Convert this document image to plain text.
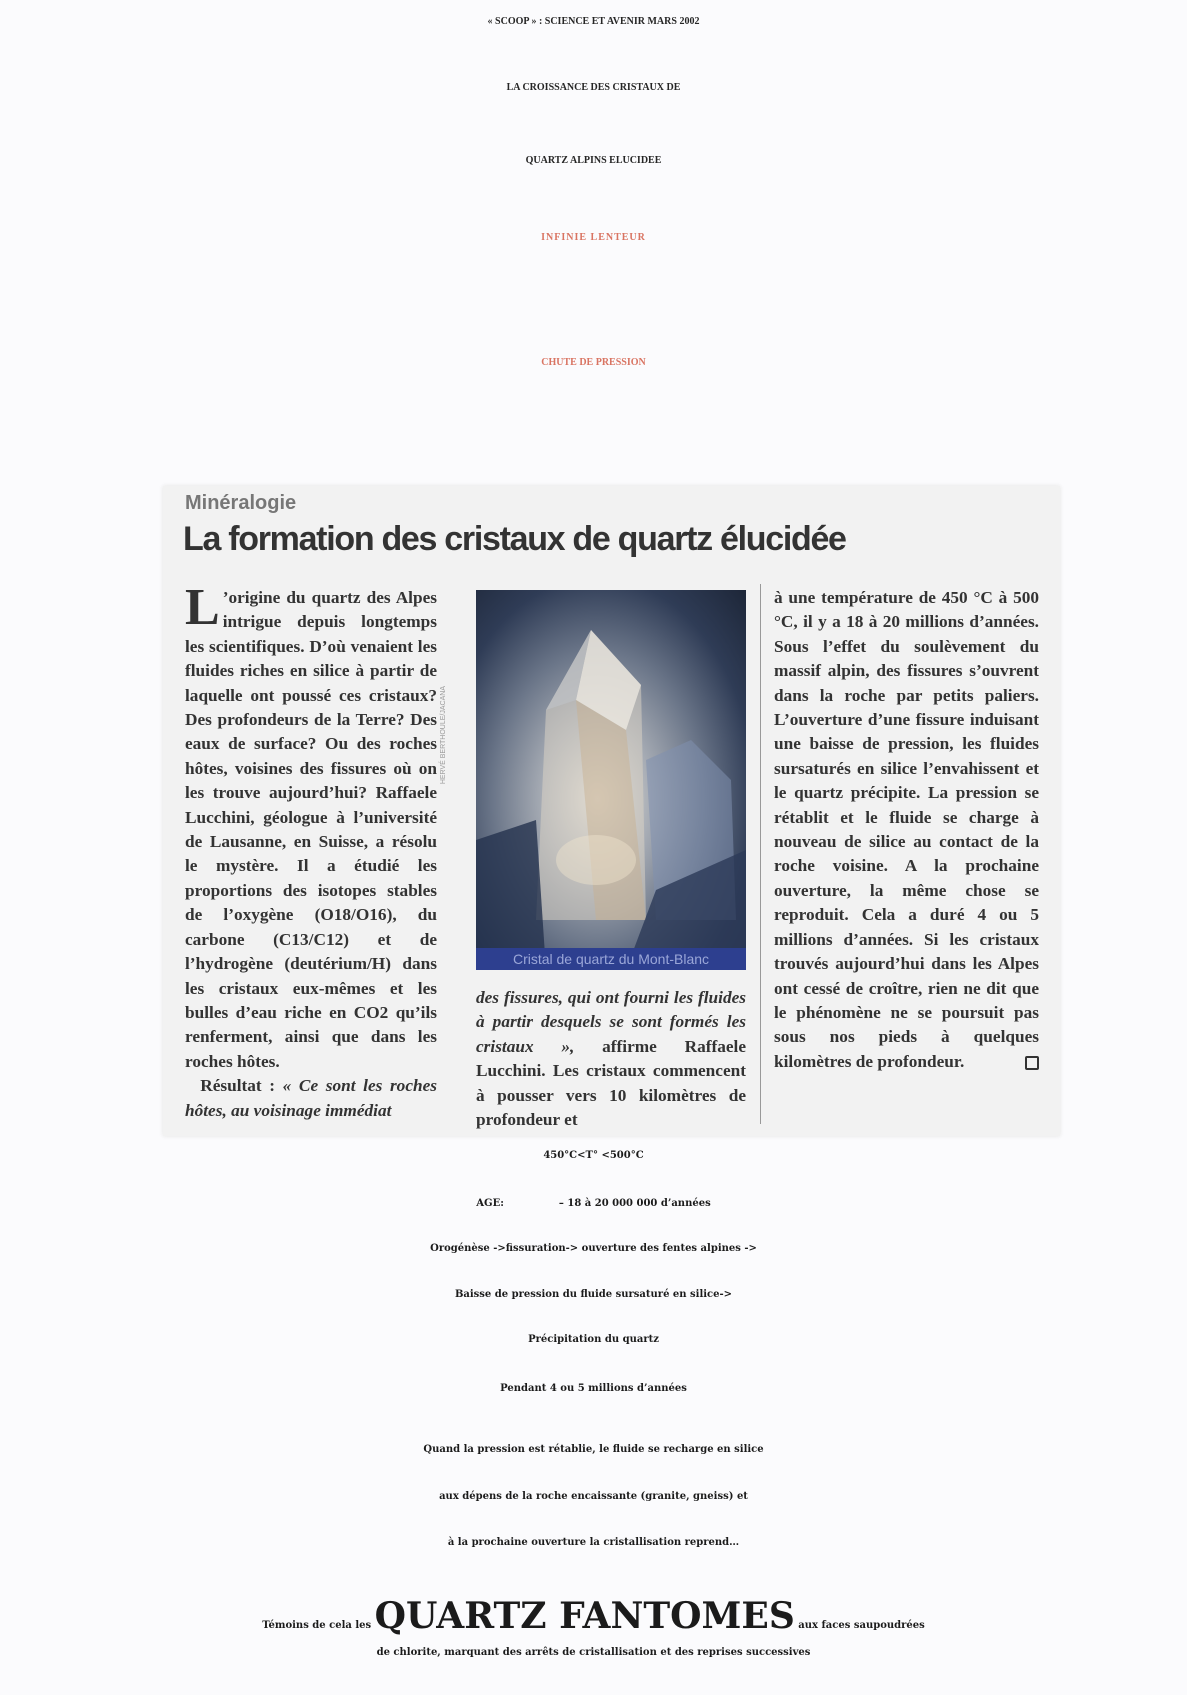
« SCOOP » : SCIENCE ET AVENIR MARS 2002
LA CROISSANCE DES CRISTAUX DE
QUARTZ ALPINS ELUCIDEE
INFINIE LENTEUR
CHUTE DE PRESSION
Minéralogie
La formation des cristaux de quartz élucidée

L ’origine du quartz des Alpes intrigue depuis longtemps les scientifiques. D’où venaient les fluides riches en silice à partir de laquelle ont poussé ces cristaux? Des profondeurs de la Terre? Des eaux de surface? Ou des roches hôtes, voisines des fissures où on les trouve aujourd’hui? Raffaele Lucchini, géologue à l’université de Lausanne, en Suisse, a résolu le mystère. Il a étudié les proportions des isotopes stables de l’oxygène (O18/O16), du carbone (C13/C12) et de l’hydrogène (deutérium/H) dans les cristaux eux-mêmes et les bulles d’eau riche en CO2 qu’ils renferment, ainsi que dans les roches hôtes.

Résultat : « Ce sont les roches hôtes, au voisinage immédiat

Cristal de quartz du Mont-Blanc
HERVÉ BERTHOULE/JACANA
des fissures, qui ont fourni les fluides à partir desquels se sont formés les cristaux », affirme Raffaele Lucchini. Les cristaux commencent à pousser vers 10 kilomètres de profondeur et

à une température de 450 °C à 500 °C, il y a 18 à 20 millions d’années. Sous l’effet du soulèvement du massif alpin, des fissures s’ouvrent dans la roche par petits paliers. L’ouverture d’une fissure induisant une baisse de pression, les fluides sursaturés en silice l’envahissent et le quartz précipite. La pression se rétablit et le fluide se charge à nouveau de silice au contact de la roche voisine. A la prochaine ouverture, la même chose se reproduit. Cela a duré 4 ou 5 millions d’années. Si les cristaux trouvés aujourd’hui dans les Alpes ont cessé de croître, rien ne dit que le phénomène ne se poursuit pas sous nos pieds à quelques kilomètres de profondeur.

450°C<T° <500°C
AGE:	– 18 à 20 000 000 d’années
Orogénèse ->fissuration-> ouverture des fentes alpines ->
Baisse de pression du fluide sursaturé en silice->
Précipitation du quartz
Pendant 4 ou 5 millions d’années
Quand la pression est rétablie, le fluide se recharge en silice
aux dépens de la roche encaissante (granite, gneiss) et
à la prochaine ouverture la cristallisation reprend…
Témoins de cela les QUARTZ FANTOMES aux faces saupoudrées
de chlorite, marquant des arrêts de cristallisation et des reprises successives
